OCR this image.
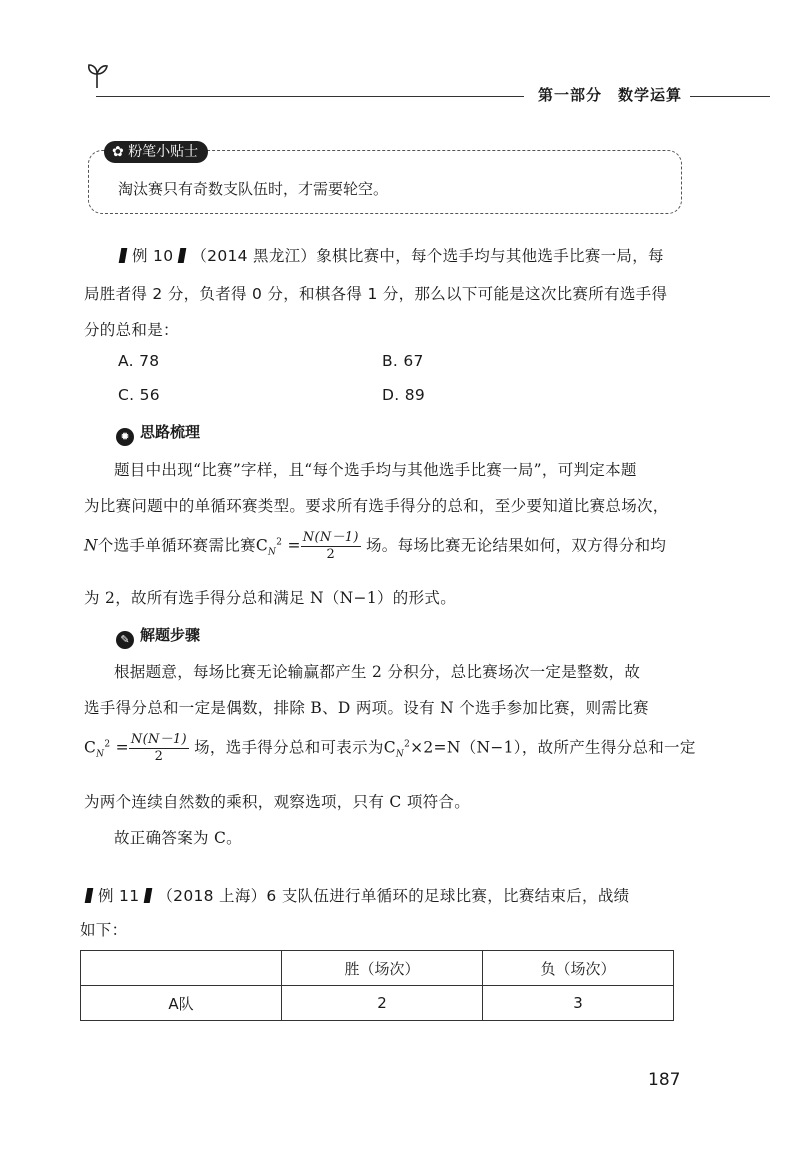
第一部分　数学运算
✿ 粉笔小贴士
淘汰赛只有奇数支队伍时，才需要轮空。
例 10 （2014 黑龙江）象棋比赛中，每个选手均与其他选手比赛一局，每
局胜者得 2 分，负者得 0 分，和棋各得 1 分，那么以下可能是这次比赛所有选手得
分的总和是：
A. 78	B. 67
C. 56	D. 89
✹ 思路梳理
题目中出现“比赛”字样，且“每个选手均与其他选手比赛一局”，可判定本题
为比赛问题中的单循环赛类型。要求所有选手得分的总和，至少要知道比赛总场次，
N个选手单循环赛需比赛$C_N^2 = \frac{N(N-1)}{2}$ 场。每场比赛无论结果如何，双方得分和均
为 2，故所有选手得分总和满足 N（N−1）的形式。
✎ 解题步骤
根据题意，每场比赛无论输赢都产生 2 分积分，总比赛场次一定是整数，故
选手得分总和一定是偶数，排除 B、D 两项。设有 N 个选手参加比赛，则需比赛
$C_N^2 = \frac{N(N-1)}{2}$ 场，选手得分总和可表示为$C_N^2\times 2=N(N-1)$，故所产生得分总和一定
为两个连续自然数的乘积，观察选项，只有 C 项符合。
故正确答案为 C。
例 11 （2018 上海）6 支队伍进行单循环的足球比赛，比赛结束后，战绩
如下：
	胜（场次）	负（场次）
A队	2	3
187
